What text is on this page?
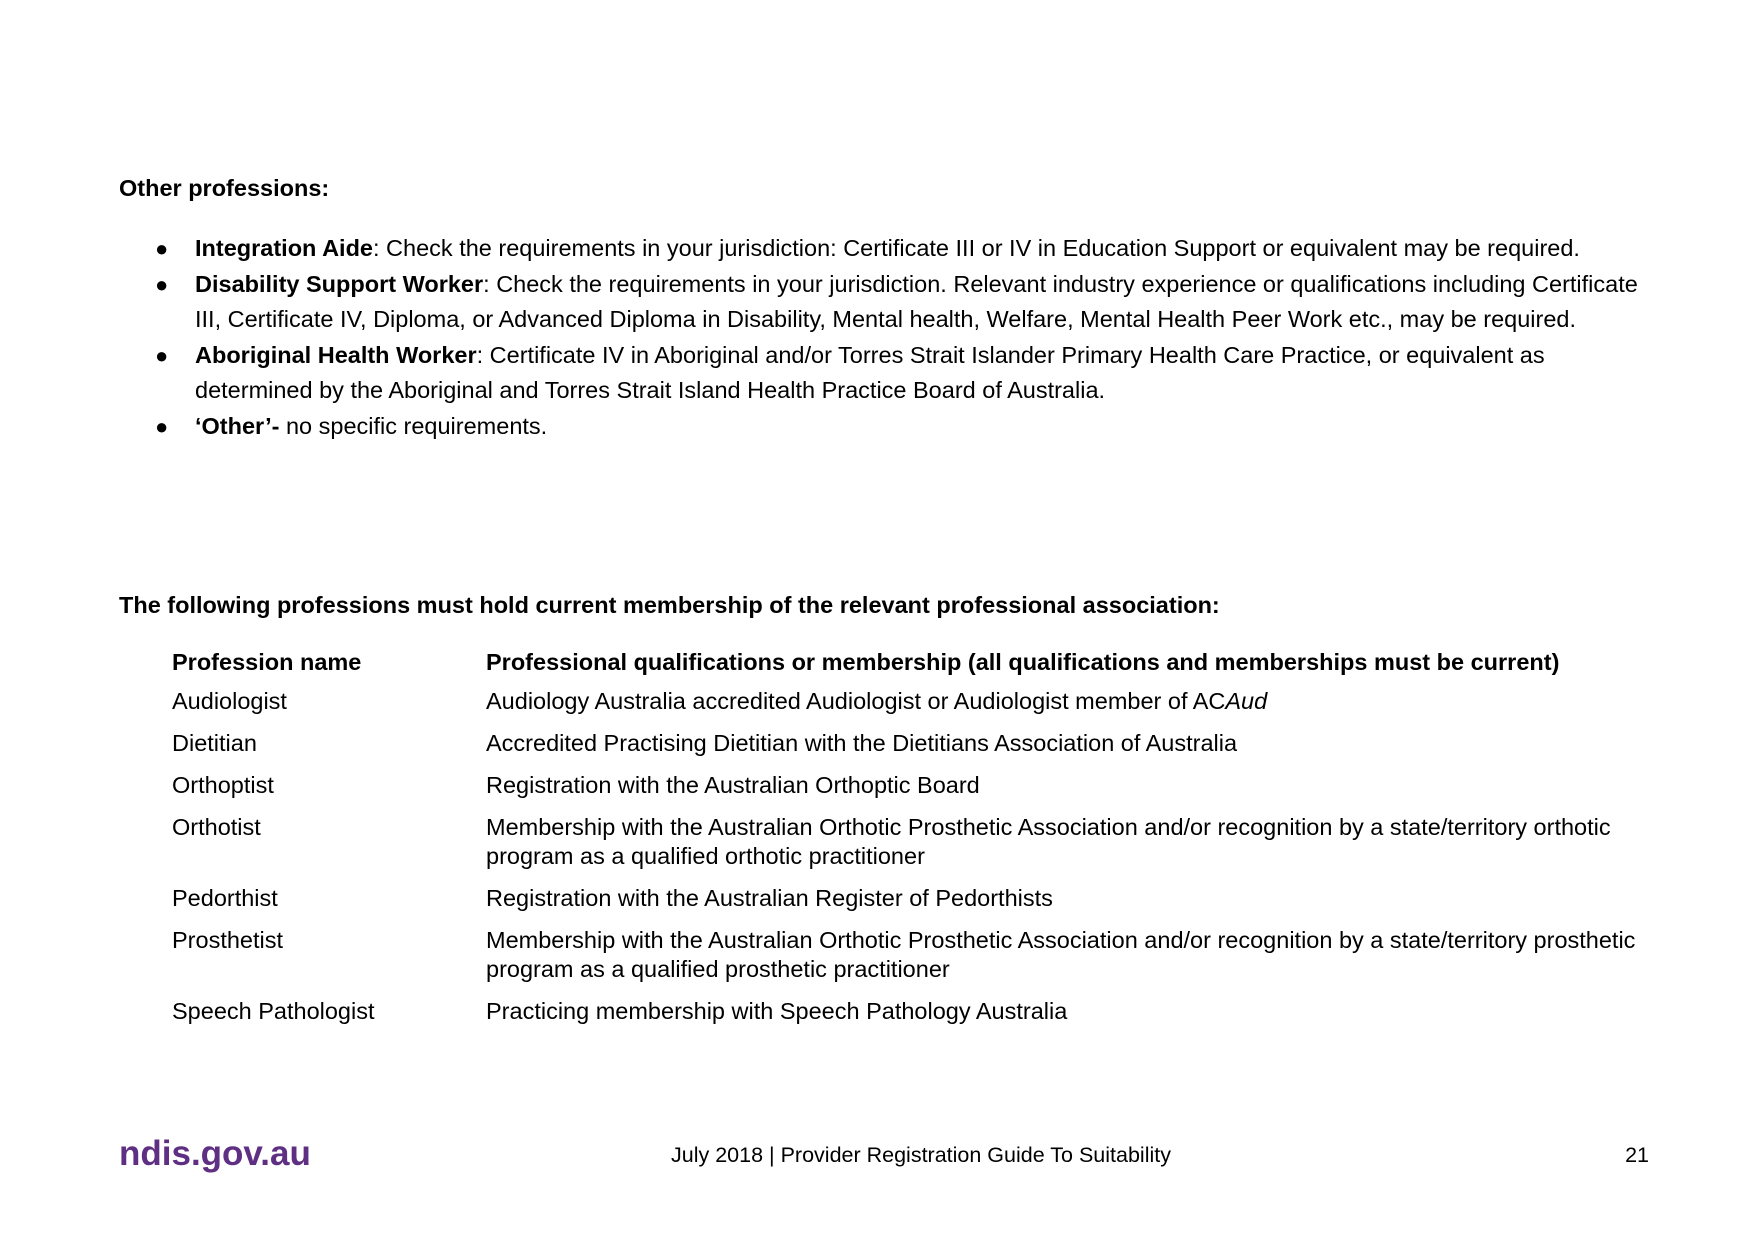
Other professions:
● Integration Aide: Check the requirements in your jurisdiction: Certificate III or IV in Education Support or equivalent may be required.
● Disability Support Worker: Check the requirements in your jurisdiction. Relevant industry experience or qualifications including Certificate III, Certificate IV, Diploma, or Advanced Diploma in Disability, Mental health, Welfare, Mental Health Peer Work etc., may be required.
● Aboriginal Health Worker: Certificate IV in Aboriginal and/or Torres Strait Islander Primary Health Care Practice, or equivalent as determined by the Aboriginal and Torres Strait Island Health Practice Board of Australia.
● ‘Other’- no specific requirements.
The following professions must hold current membership of the relevant professional association:
Profession name	Professional qualifications or membership (all qualifications and memberships must be current)
Audiologist	Audiology Australia accredited Audiologist or Audiologist member of ACAud
Dietitian	Accredited Practising Dietitian with the Dietitians Association of Australia
Orthoptist	Registration with the Australian Orthoptic Board
Orthotist	Membership with the Australian Orthotic Prosthetic Association and/or recognition by a state/territory orthotic program as a qualified orthotic practitioner
Pedorthist	Registration with the Australian Register of Pedorthists
Prosthetist	Membership with the Australian Orthotic Prosthetic Association and/or recognition by a state/territory prosthetic program as a qualified prosthetic practitioner
Speech Pathologist	Practicing membership with Speech Pathology Australia
ndis.gov.au	July 2018 | Provider Registration Guide To Suitability	21
